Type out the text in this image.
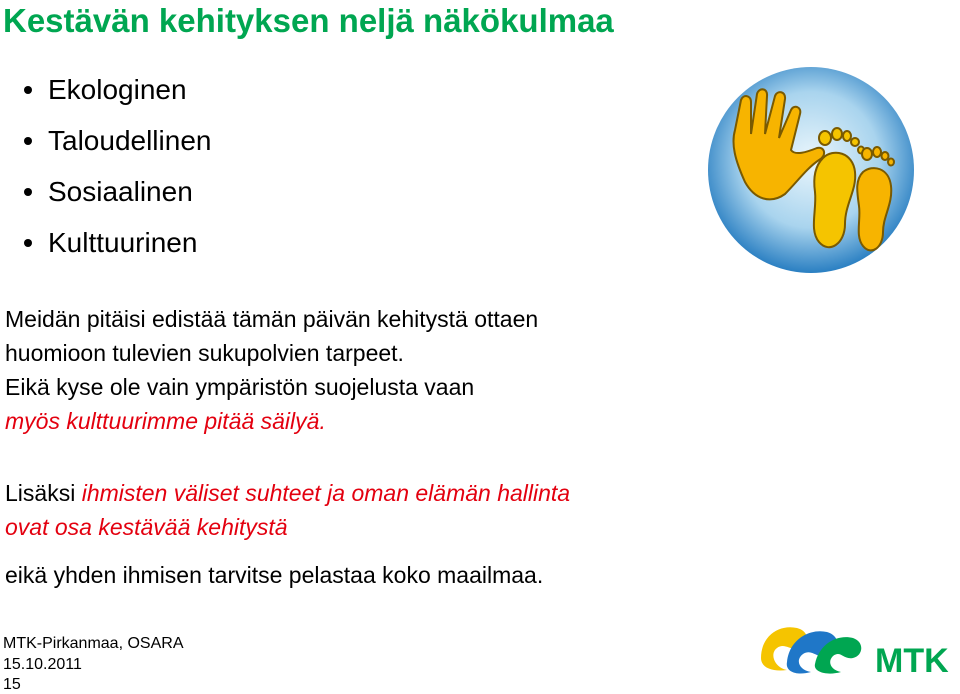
Kestävän kehityksen neljä näkökulmaa
Ekologinen
Taloudellinen
Sosiaalinen
Kulttuurinen
Meidän pitäisi edistää tämän päivän kehitystä ottaen
huomioon tulevien sukupolvien tarpeet.
Eikä kyse ole vain ympäristön suojelusta vaan
myös kulttuurimme pitää säilyä.
Lisäksi ihmisten väliset suhteet ja oman elämän hallinta
ovat osa kestävää kehitystä
eikä yhden ihmisen tarvitse pelastaa koko maailmaa.
MTK-Pirkanmaa, OSARA
15.10.2011
15
MTK
